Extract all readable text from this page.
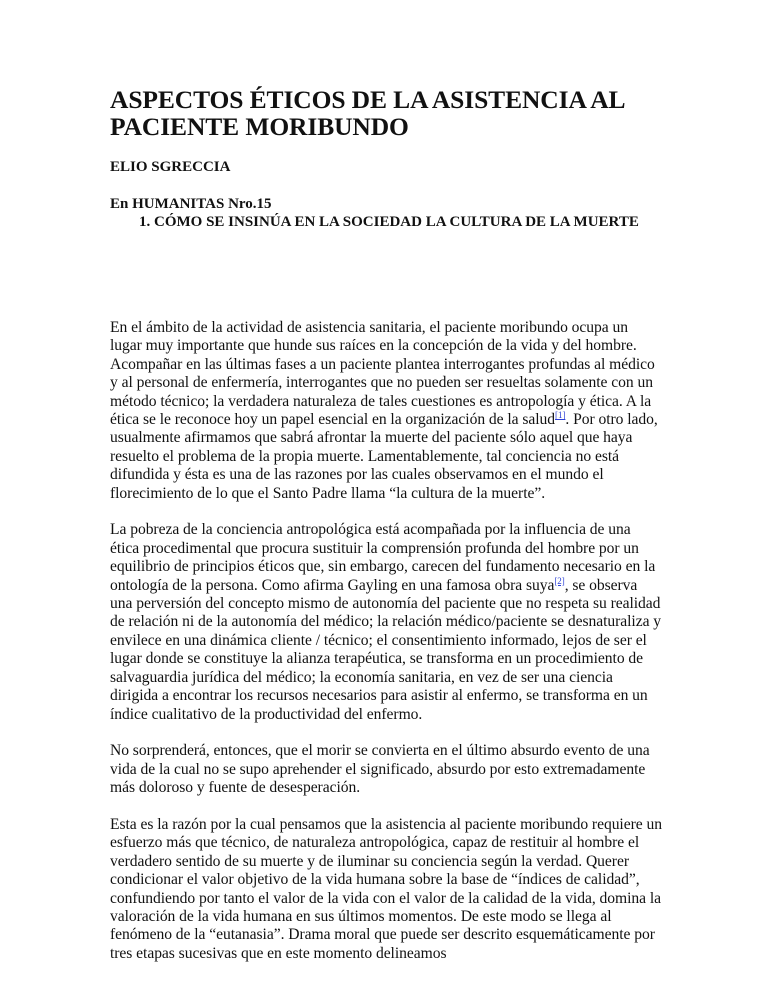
ASPECTOS ÉTICOS DE LA ASISTENCIA AL PACIENTE MORIBUNDO
ELIO SGRECCIA
En HUMANITAS Nro.15
1. CÓMO SE INSINÚA EN LA SOCIEDAD LA CULTURA DE LA MUERTE

En el ámbito de la actividad de asistencia sanitaria, el paciente moribundo ocupa un lugar muy importante que hunde sus raíces en la concepción de la vida y del hombre. Acompañar en las últimas fases a un paciente plantea interrogantes profundas al médico y al personal de enfermería, interrogantes que no pueden ser resueltas solamente con un método técnico; la verdadera naturaleza de tales cuestiones es antropología y ética. A la ética se le reconoce hoy un papel esencial en la organización de la salud[1]. Por otro lado, usualmente afirmamos que sabrá afrontar la muerte del paciente sólo aquel que haya resuelto el problema de la propia muerte. Lamentablemente, tal conciencia no está difundida y ésta es una de las razones por las cuales observamos en el mundo el florecimiento de lo que el Santo Padre llama “la cultura de la muerte”.

La pobreza de la conciencia antropológica está acompañada por la influencia de una ética procedimental que procura sustituir la comprensión profunda del hombre por un equilibrio de principios éticos que, sin embargo, carecen del fundamento necesario en la ontología de la persona. Como afirma Gayling en una famosa obra suya[2], se observa una perversión del concepto mismo de autonomía del paciente que no respeta su realidad de relación ni de la autonomía del médico; la relación médico/paciente se desnaturaliza y envilece en una dinámica cliente / técnico; el consentimiento informado, lejos de ser el lugar donde se constituye la alianza terapéutica, se transforma en un procedimiento de salvaguardia jurídica del médico; la economía sanitaria, en vez de ser una ciencia dirigida a encontrar los recursos necesarios para asistir al enfermo, se transforma en un índice cualitativo de la productividad del enfermo.

No sorprenderá, entonces, que el morir se convierta en el último absurdo evento de una vida de la cual no se supo aprehender el significado, absurdo por esto extremadamente más doloroso y fuente de desesperación.

Esta es la razón por la cual pensamos que la asistencia al paciente moribundo requiere un esfuerzo más que técnico, de naturaleza antropológica, capaz de restituir al hombre el verdadero sentido de su muerte y de iluminar su conciencia según la verdad. Querer condicionar el valor objetivo de la vida humana sobre la base de “índices de calidad”, confundiendo por tanto el valor de la vida con el valor de la calidad de la vida, domina la valoración de la vida humana en sus últimos momentos. De este modo se llega al fenómeno de la “eutanasia”. Drama moral que puede ser descrito esquemáticamente por tres etapas sucesivas que en este momento delineamos
